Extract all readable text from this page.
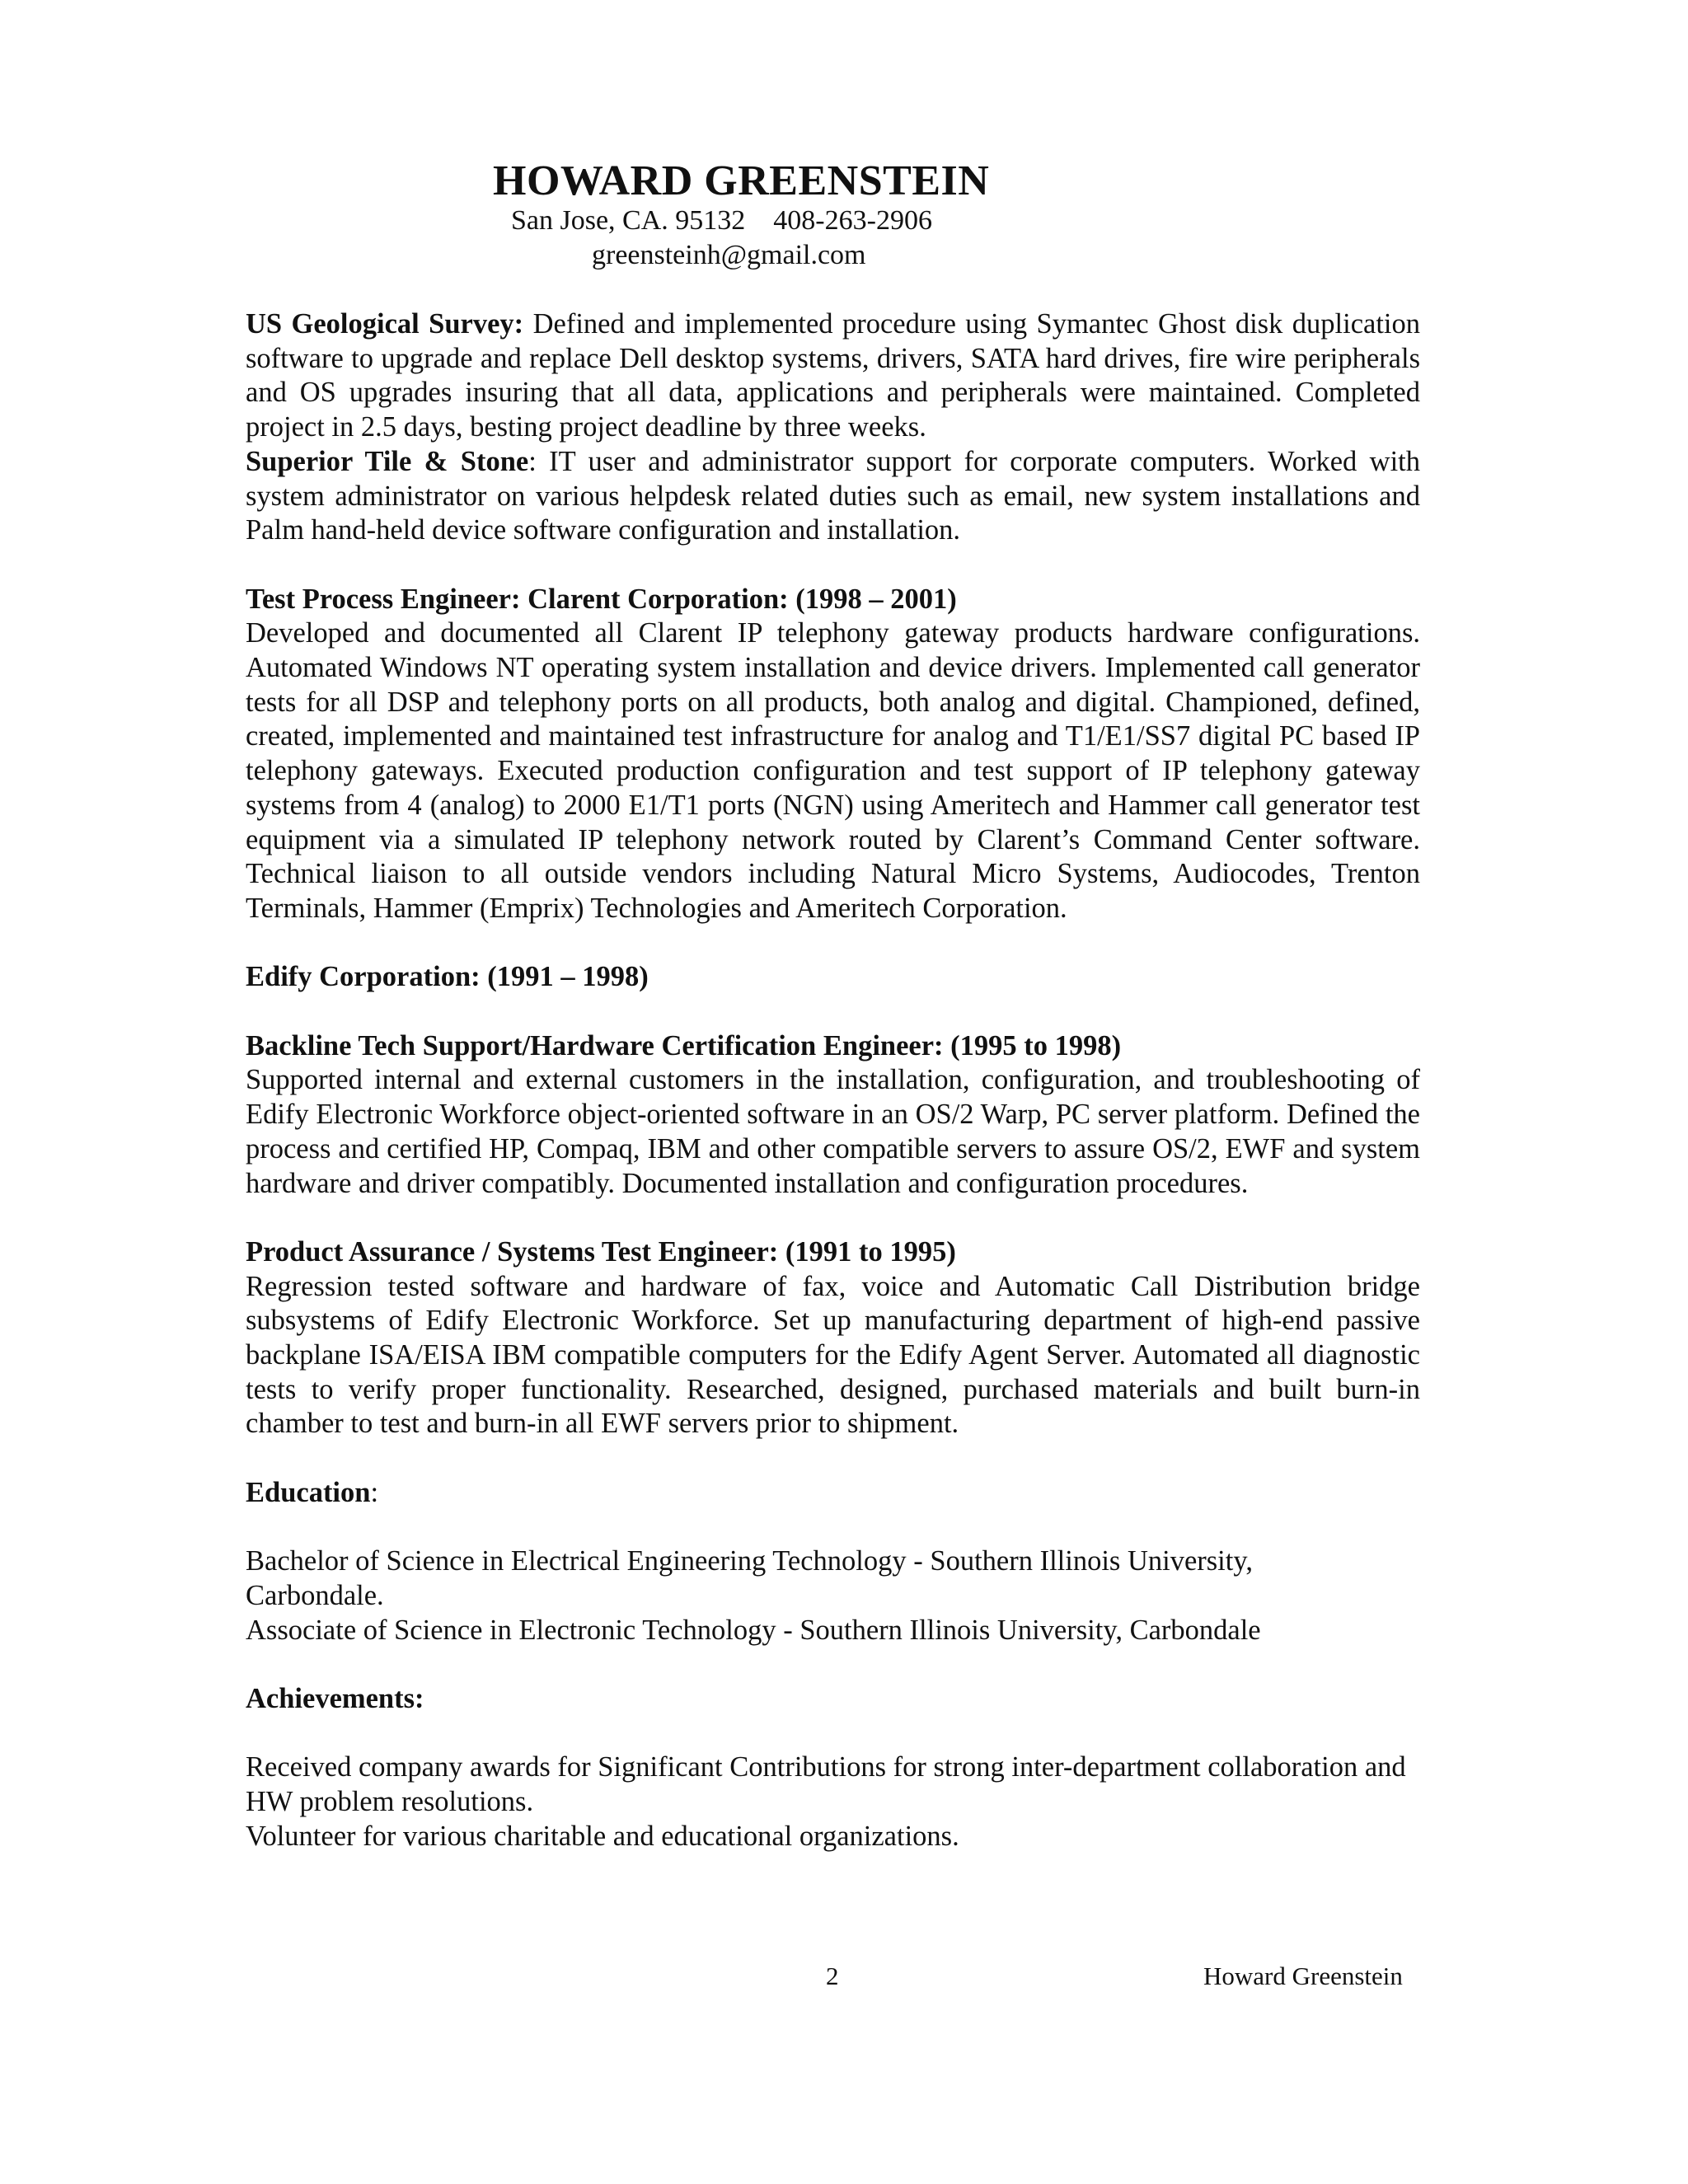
HOWARD GREENSTEIN
San Jose, CA. 95132 408-263-2906
greensteinh@gmail.com

US Geological Survey: Defined and implemented procedure using Symantec Ghost disk duplication software to upgrade and replace Dell desktop systems, drivers, SATA hard drives, fire wire peripherals and OS upgrades insuring that all data, applications and peripherals were maintained. Completed project in 2.5 days, besting project deadline by three weeks.

Superior Tile & Stone: IT user and administrator support for corporate computers. Worked with system administrator on various helpdesk related duties such as email, new system installations and Palm hand-held device software configuration and installation.

Test Process Engineer: Clarent Corporation: (1998 – 2001)

Developed and documented all Clarent IP telephony gateway products hardware configurations. Automated Windows NT operating system installation and device drivers. Implemented call generator tests for all DSP and telephony ports on all products, both analog and digital. Championed, defined, created, implemented and maintained test infrastructure for analog and T1/E1/SS7 digital PC based IP telephony gateways. Executed production configuration and test support of IP telephony gateway systems from 4 (analog) to 2000 E1/T1 ports (NGN) using Ameritech and Hammer call generator test equipment via a simulated IP telephony network routed by Clarent’s Command Center software. Technical liaison to all outside vendors including Natural Micro Systems, Audiocodes, Trenton Terminals, Hammer (Emprix) Technologies and Ameritech Corporation.

Edify Corporation: (1991 – 1998)

Backline Tech Support/Hardware Certification Engineer: (1995 to 1998)

Supported internal and external customers in the installation, configuration, and troubleshooting of Edify Electronic Workforce object-oriented software in an OS/2 Warp, PC server platform. Defined the process and certified HP, Compaq, IBM and other compatible servers to assure OS/2, EWF and system hardware and driver compatibly. Documented installation and configuration procedures.

Product Assurance / Systems Test Engineer: (1991 to 1995)

Regression tested software and hardware of fax, voice and Automatic Call Distribution bridge subsystems of Edify Electronic Workforce. Set up manufacturing department of high-end passive backplane ISA/EISA IBM compatible computers for the Edify Agent Server. Automated all diagnostic tests to verify proper functionality. Researched, designed, purchased materials and built burn-in chamber to test and burn-in all EWF servers prior to shipment.

Education:

Bachelor of Science in Electrical Engineering Technology - Southern Illinois University,

Carbondale.

Associate of Science in Electronic Technology - Southern Illinois University, Carbondale

Achievements:

Received company awards for Significant Contributions for strong inter-department collaboration and

HW problem resolutions.

Volunteer for various charitable and educational organizations.

2	Howard Greenstein
